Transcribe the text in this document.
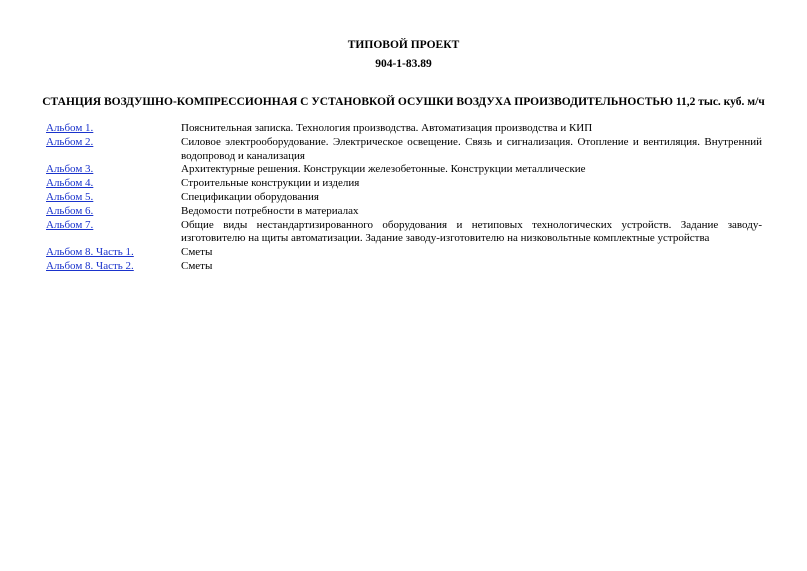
ТИПОВОЙ ПРОЕКТ
904-1-83.89
СТАНЦИЯ ВОЗДУШНО-КОМПРЕССИОННАЯ С УСТАНОВКОЙ ОСУШКИ ВОЗДУХА ПРОИЗВОДИТЕЛЬНОСТЬЮ 11,2 тыс. куб. м/ч
Альбом 1.	Пояснительная записка. Технология производства. Автоматизация производства и КИП
Альбом 2.	Силовое электрооборудование. Электрическое освещение. Связь и сигнализация. Отопление и вентиляция. Внутренний водопровод и канализация
Альбом 3.	Архитектурные решения. Конструкции железобетонные. Конструкции металлические
Альбом 4.	Строительные конструкции и изделия
Альбом 5.	Спецификации оборудования
Альбом 6.	Ведомости потребности в материалах
Альбом 7.	Общие виды нестандартизированного оборудования и нетиповых технологических устройств. Задание заводу-изготовителю на щиты автоматизации. Задание заводу-изготовителю на низковольтные комплектные устройства
Альбом 8. Часть 1.	Сметы
Альбом 8. Часть 2.	Сметы
